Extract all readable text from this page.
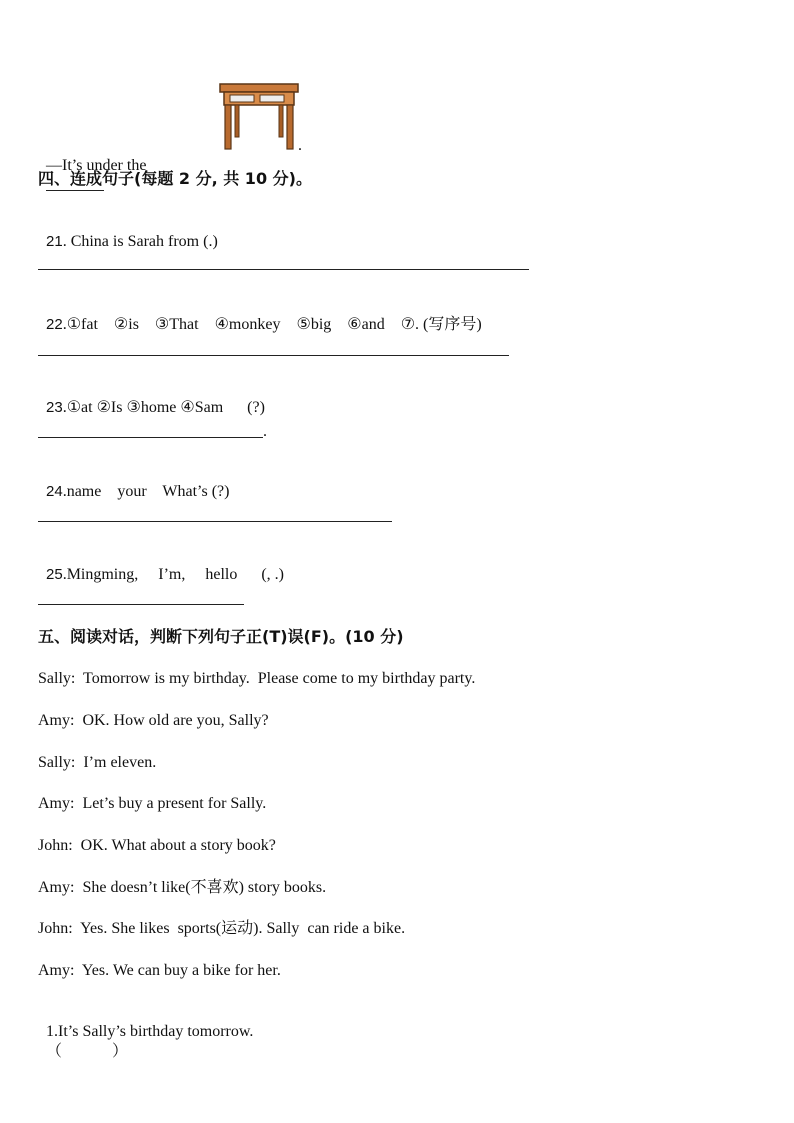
—It’s under the

.
四、连成句子(每题 2 分, 共 10 分)。

21. China is Sarah from (.)

22.①fat    ②is    ③That    ④monkey    ⑤big    ⑥and    ⑦. (写序号)

23.①at ②Is ③home ④Sam      (?)

.

24.name    your    What’s (?)

25.Mingming,     I’m,     hello      (, .)

五、阅读对话，判断下列句子正(T)误(F)。(10 分)
Sally:  Tomorrow is my birthday.  Please come to my birthday party.
Amy:  OK. How old are you, Sally?
Sally:  I’m eleven.
Amy:  Let’s buy a present for Sally.
John:  OK. What about a story book?
Amy:  She doesn’t like(不喜欢) story books.
John:  Yes. She likes  sports(运动). Sally  can ride a bike.
Amy:  Yes. We can buy a bike for her.

1.It’s Sally’s birthday tomorrow.
（	）
